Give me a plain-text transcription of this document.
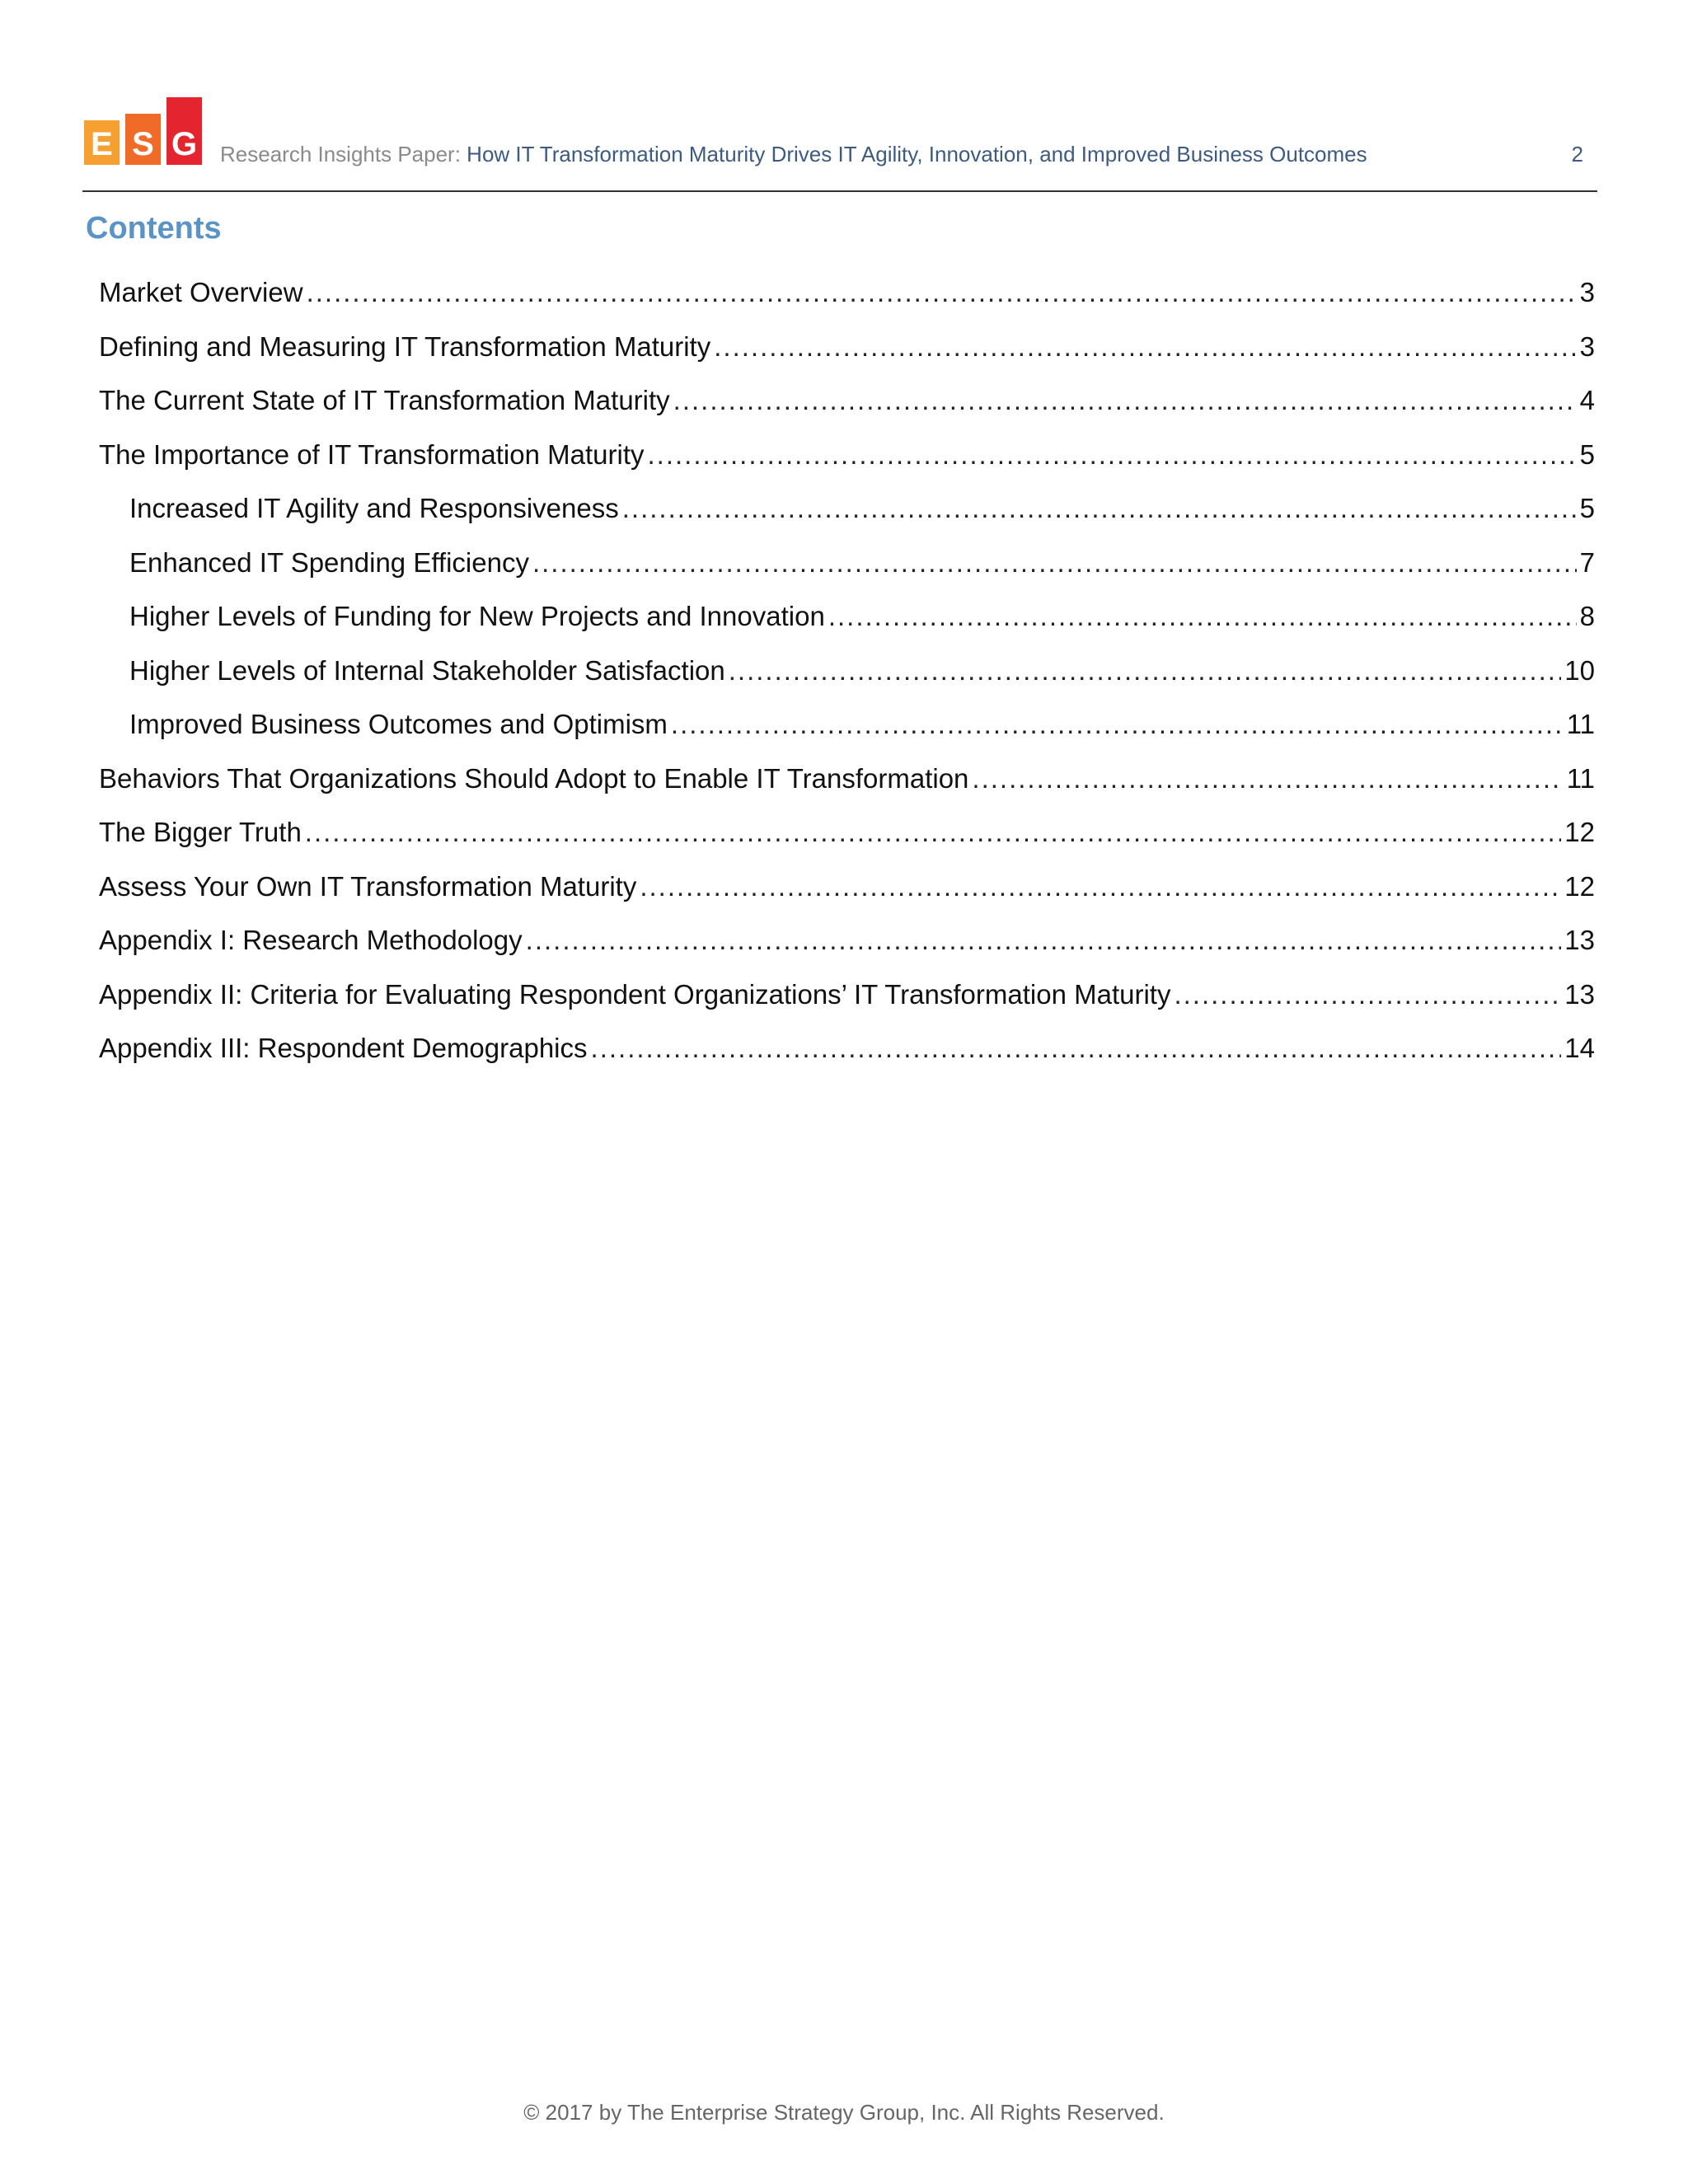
E S G Research Insights Paper: How IT Transformation Maturity Drives IT Agility, Innovation, and Improved Business Outcomes	2
Contents
Market Overview .....	3
Defining and Measuring IT Transformation Maturity .....	3
The Current State of IT Transformation Maturity .....	4
The Importance of IT Transformation Maturity .....	5
Increased IT Agility and Responsiveness .....	5
Enhanced IT Spending Efficiency .....	7
Higher Levels of Funding for New Projects and Innovation .....	8
Higher Levels of Internal Stakeholder Satisfaction .....	10
Improved Business Outcomes and Optimism .....	11
Behaviors That Organizations Should Adopt to Enable IT Transformation .....	11
The Bigger Truth .....	12
Assess Your Own IT Transformation Maturity .....	12
Appendix I: Research Methodology .....	13
Appendix II: Criteria for Evaluating Respondent Organizations’ IT Transformation Maturity .....	13
Appendix III: Respondent Demographics .....	14
© 2017 by The Enterprise Strategy Group, Inc. All Rights Reserved.
